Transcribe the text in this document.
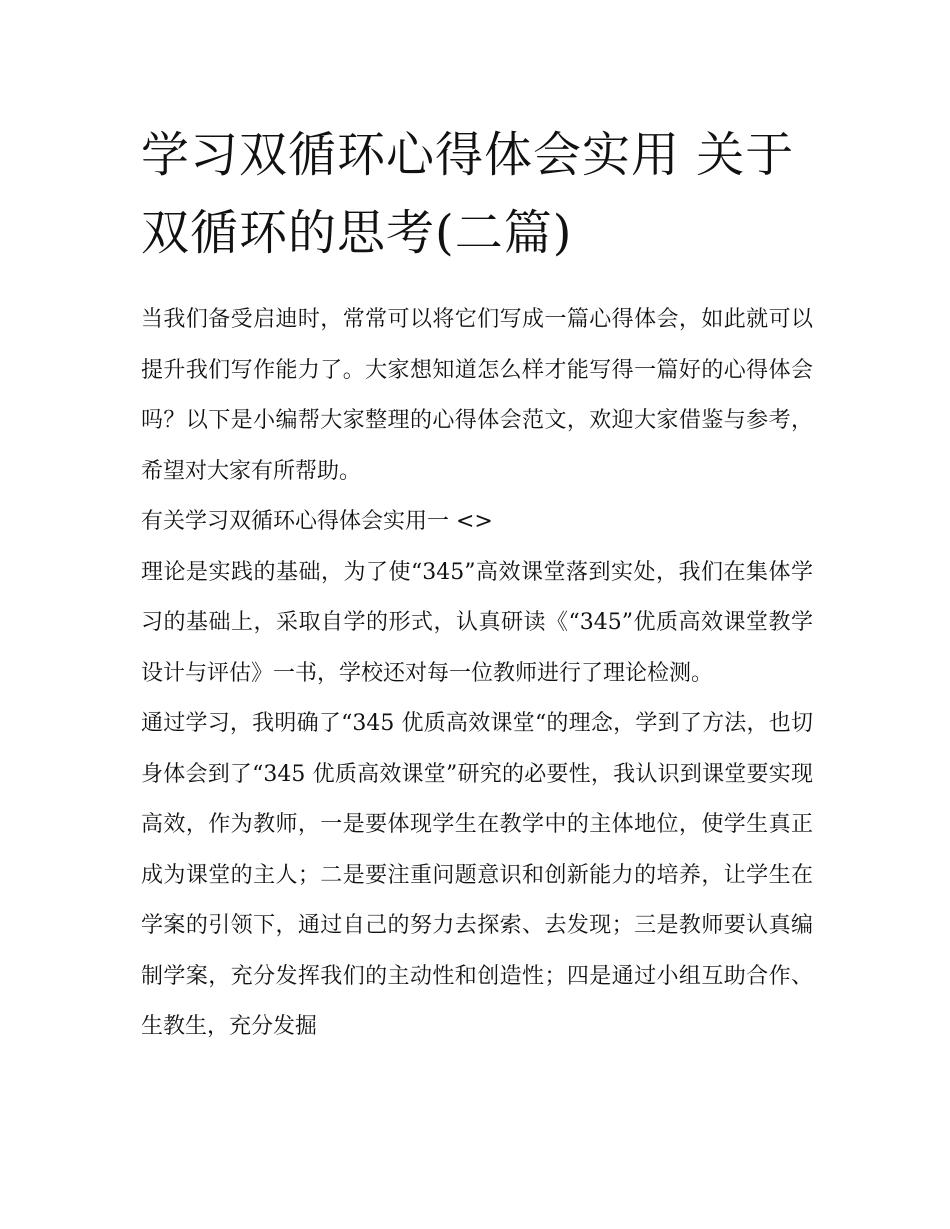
学习双循环心得体会实用 关于双循环的思考(二篇)

当我们备受启迪时，常常可以将它们写成一篇心得体会，如此就可以提升我们写作能力了。大家想知道怎么样才能写得一篇好的心得体会吗？以下是小编帮大家整理的心得体会范文，欢迎大家借鉴与参考，希望对大家有所帮助。

有关学习双循环心得体会实用一 <>

理论是实践的基础，为了使“345”高效课堂落到实处，我们在集体学习的基础上，采取自学的形式，认真研读《“345”优质高效课堂教学设计与评估》一书，学校还对每一位教师进行了理论检测。

通过学习，我明确了“345 优质高效课堂“的理念，学到了方法，也切身体会到了“345 优质高效课堂”研究的必要性，我认识到课堂要实现高效，作为教师，一是要体现学生在教学中的主体地位，使学生真正成为课堂的主人；二是要注重问题意识和创新能力的培养，让学生在学案的引领下，通过自己的努力去探索、去发现；三是教师要认真编制学案，充分发挥我们的主动性和创造性；四是通过小组互助合作、生教生，充分发掘
